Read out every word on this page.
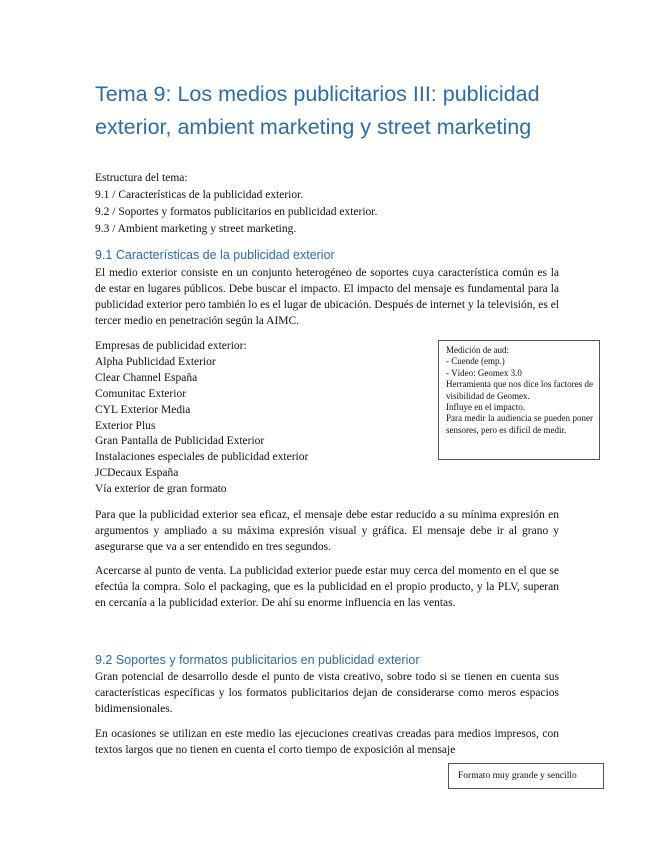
Tema 9: Los medios publicitarios III: publicidad exterior, ambient marketing y street marketing
Estructura del tema:
9.1 / Características de la publicidad exterior.
9.2 / Soportes y formatos publicitarios en publicidad exterior.
9.3 / Ambient marketing y street marketing.
9.1 Características de la publicidad exterior

El medio exterior consiste en un conjunto heterogéneo de soportes cuya característica común es la de estar en lugares públicos. Debe buscar el impacto. El impacto del mensaje es fundamental para la publicidad exterior pero también lo es el lugar de ubicación. Después de internet y la televisión, es el tercer medio en penetración según la AIMC.

Empresas de publicidad exterior:
Alpha Publicidad Exterior
Clear Channel España
Comunitac Exterior
CYL Exterior Media
Exterior Plus
Gran Pantalla de Publicidad Exterior
Instalaciones especiales de publicidad exterior
JCDecaux España
Vía exterior de gran formato
Medición de aud:
- Cuende (emp.)
- Vídeo: Geomex 3.0
Herramienta que nos dice los factores de visibilidad de Geomex.
Influye en el impacto.
Para medir la audiencia se pueden poner sensores, pero es difícil de medir.

Para que la publicidad exterior sea eficaz, el mensaje debe estar reducido a su mínima expresión en argumentos y ampliado a su máxima expresión visual y gráfica. El mensaje debe ir al grano y asegurarse que va a ser entendido en tres segundos.

Acercarse al punto de venta. La publicidad exterior puede estar muy cerca del momento en el que se efectúa la compra. Solo el packaging, que es la publicidad en el propio producto, y la PLV, superan en cercanía a la publicidad exterior. De ahí su enorme influencia en las ventas.

9.2 Soportes y formatos publicitarios en publicidad exterior

Gran potencial de desarrollo desde el punto de vista creativo, sobre todo si se tienen en cuenta sus características específicas y los formatos publicitarios dejan de considerarse como meros espacios bidimensionales.

En ocasiones se utilizan en este medio las ejecuciones creativas creadas para medios impresos, con textos largos que no tienen en cuenta el corto tiempo de exposición al mensaje

Formato muy grande y sencillo
